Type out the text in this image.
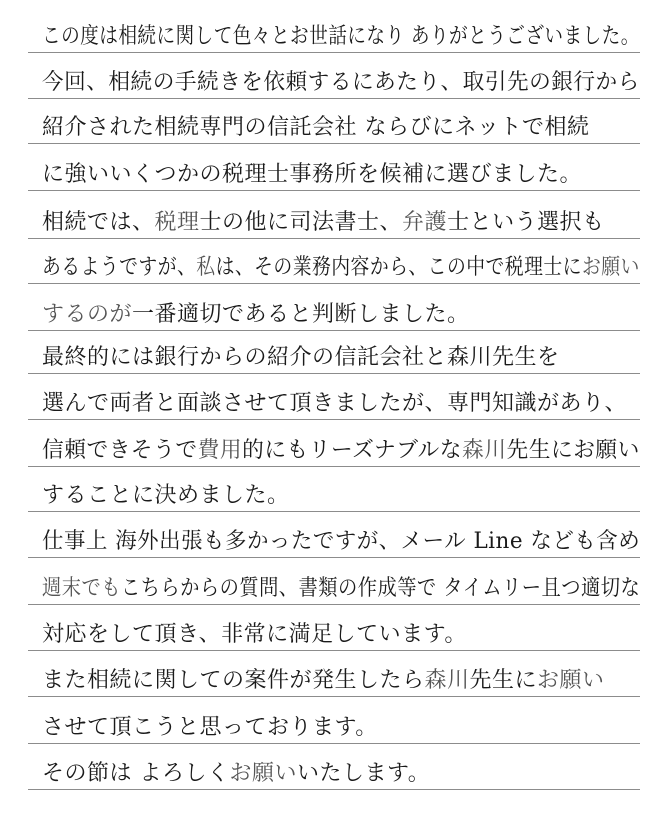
この度は相続に関して色々とお世話になり ありがとうございました。
今回、相続の手続きを依頼するにあたり、取引先の銀行から
紹介された相続専門の信託会社 ならびにネットで相続
に強いいくつかの税理士事務所を候補に選びました。
相続では、税理士の他に司法書士、弁護士という選択も
あるようですが、私は、その業務内容から、この中で税理士にお願い
するのが一番適切であると判断しました。
最終的には銀行からの紹介の信託会社と森川先生を
選んで両者と面談させて頂きましたが、専門知識があり、
信頼できそうで費用的にもリーズナブルな森川先生にお願い
することに決めました。
仕事上 海外出張も多かったですが、メール Line なども含め
週末でもこちらからの質問、書類の作成等で タイムリー且つ適切な
対応をして頂き、非常に満足しています。
また相続に関しての案件が発生したら森川先生にお願い
させて頂こうと思っております。
その節は よろしくお願いいたします。
